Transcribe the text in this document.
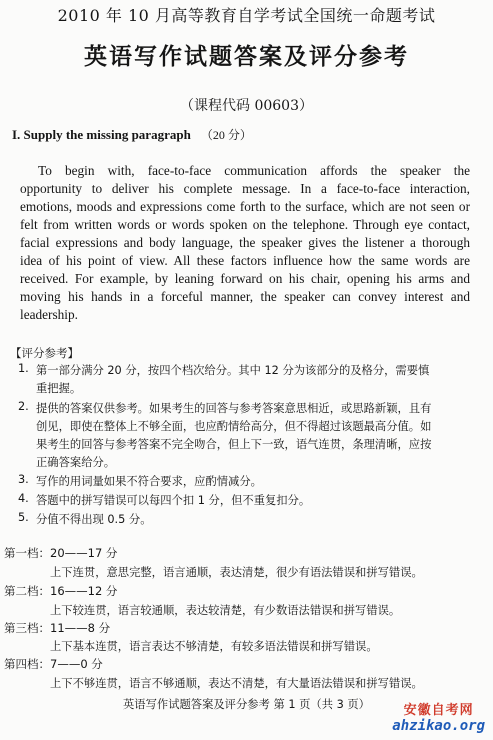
2010 年 10 月高等教育自学考试全国统一命题考试
英语写作试题答案及评分参考
（课程代码 00603）
I. Supply the missing paragraph （20 分）
To begin with, face-to-face communication affords the speaker the
opportunity to deliver his complete message. In a face-to-face interaction,
emotions, moods and expressions come forth to the surface, which are not seen or
felt from written words or words spoken on the telephone. Through eye contact,
facial expressions and body language, the speaker gives the listener a thorough
idea of his point of view. All these factors influence how the same words are
received. For example, by leaning forward on his chair, opening his arms and
moving his hands in a forceful manner, the speaker can convey interest and
leadership.
【评分参考】
1. 第一部分满分 20 分，按四个档次给分。其中 12 分为该部分的及格分，需要慎
重把握。
2. 提供的答案仅供参考。如果考生的回答与参考答案意思相近，或思路新颖，且有
创见，即使在整体上不够全面，也应酌情给高分，但不得超过该题最高分值。如
果考生的回答与参考答案不完全吻合，但上下一致，语气连贯，条理清晰，应按
正确答案给分。
3. 写作的用词量如果不符合要求，应酌情减分。
4. 答题中的拼写错误可以每四个扣 1 分，但不重复扣分。
5. 分值不得出现 0.5 分。
第一档：20——17 分
上下连贯，意思完整，语言通顺，表达清楚，很少有语法错误和拼写错误。
第二档：16——12 分
上下较连贯，语言较通顺，表达较清楚，有少数语法错误和拼写错误。
第三档：11——8 分
上下基本连贯，语言表达不够清楚，有较多语法错误和拼写错误。
第四档：7——0 分
上下不够连贯，语言不够通顺，表达不清楚，有大量语法错误和拼写错误。
英语写作试题答案及评分参考 第 1 页（共 3 页）	安徽自考网
ahzikao.org
